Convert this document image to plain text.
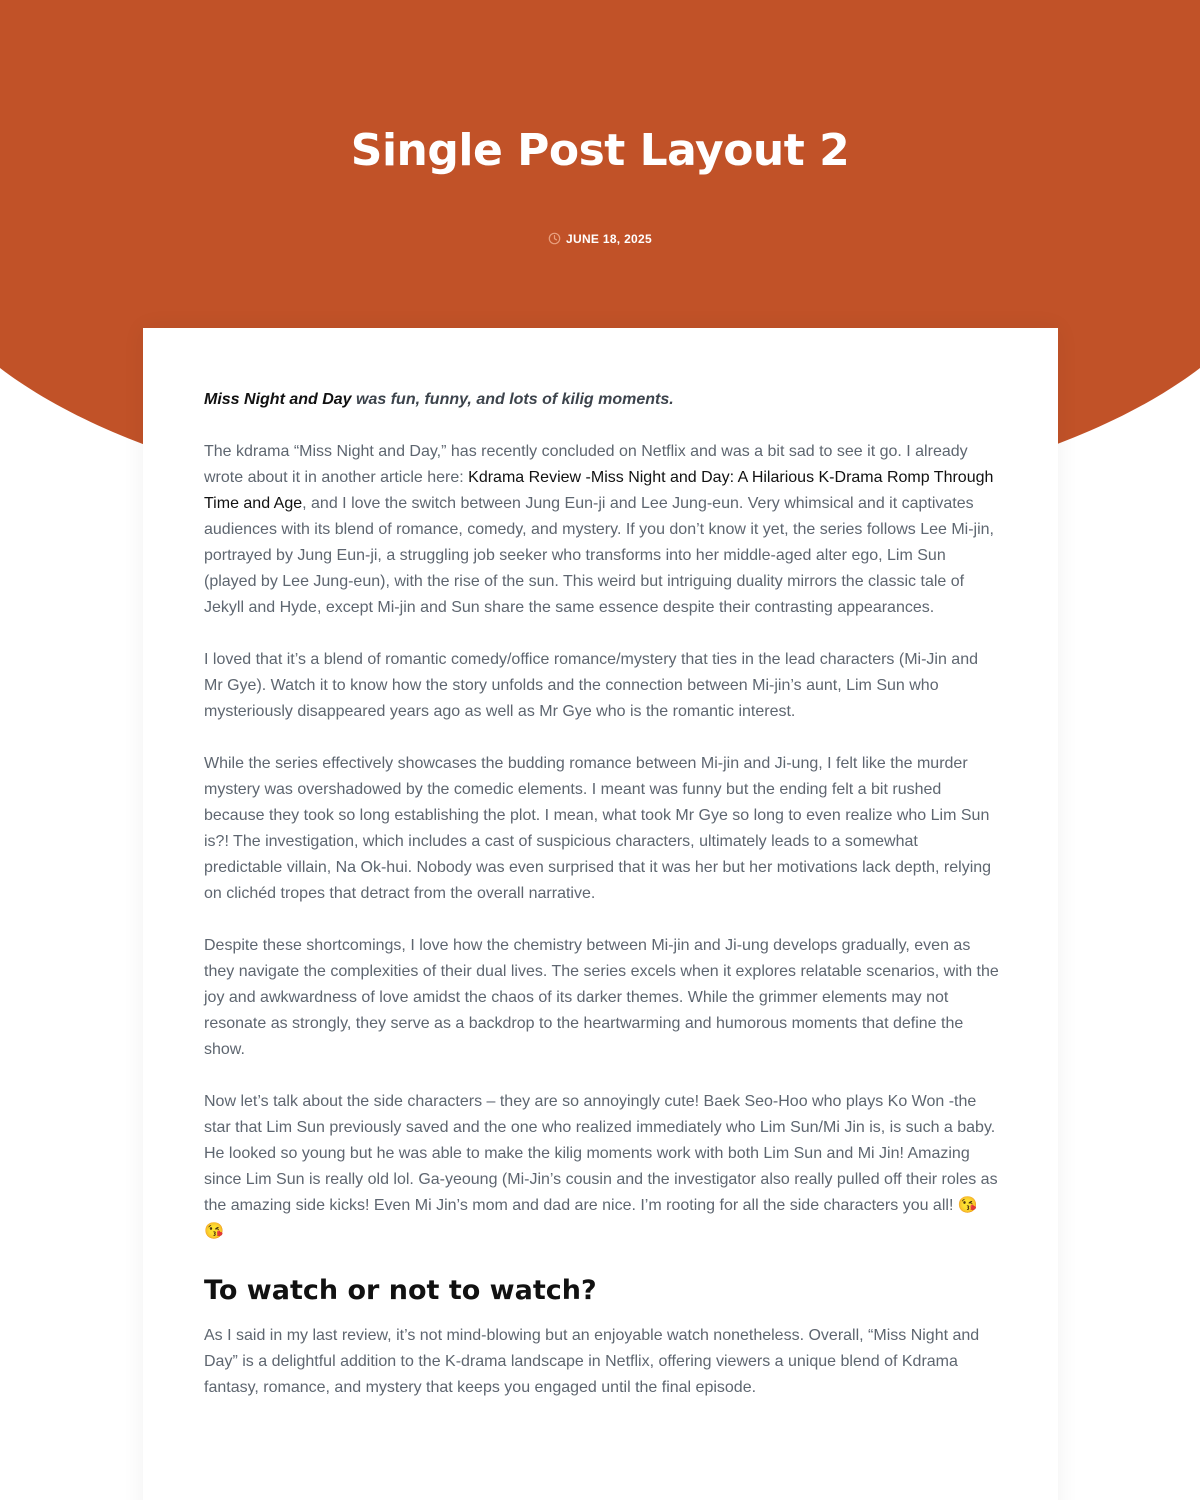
Single Post Layout 2
JUNE 18, 2025

Miss Night and Day was fun, funny, and lots of kilig moments.

The kdrama “Miss Night and Day,” has recently concluded on Netflix and was a bit sad to see it go. I already wrote about it in another article here: Kdrama Review -Miss Night and Day: A Hilarious K-Drama Romp Through Time and Age, and I love the switch between Jung Eun-ji and Lee Jung-eun. Very whimsical and it captivates audiences with its blend of romance, comedy, and mystery. If you don’t know it yet, the series follows Lee Mi-jin, portrayed by Jung Eun-ji, a struggling job seeker who transforms into her middle-aged alter ego, Lim Sun (played by Lee Jung-eun), with the rise of the sun. This weird but intriguing duality mirrors the classic tale of Jekyll and Hyde, except Mi-jin and Sun share the same essence despite their contrasting appearances.

I loved that it’s a blend of romantic comedy/office romance/mystery that ties in the lead characters (Mi-Jin and Mr Gye). Watch it to know how the story unfolds and the connection between Mi-jin’s aunt, Lim Sun who mysteriously disappeared years ago as well as Mr Gye who is the romantic interest.

While the series effectively showcases the budding romance between Mi-jin and Ji-ung, I felt like the murder mystery was overshadowed by the comedic elements. I meant was funny but the ending felt a bit rushed because they took so long establishing the plot. I mean, what took Mr Gye so long to even realize who Lim Sun is?! The investigation, which includes a cast of suspicious characters, ultimately leads to a somewhat predictable villain, Na Ok-hui. Nobody was even surprised that it was her but her motivations lack depth, relying on clichéd tropes that detract from the overall narrative.

Despite these shortcomings, I love how the chemistry between Mi-jin and Ji-ung develops gradually, even as they navigate the complexities of their dual lives. The series excels when it explores relatable scenarios, with the joy and awkwardness of love amidst the chaos of its darker themes. While the grimmer elements may not resonate as strongly, they serve as a backdrop to the heartwarming and humorous moments that define the show.

Now let’s talk about the side characters – they are so annoyingly cute! Baek Seo-Hoo who plays Ko Won -the star that Lim Sun previously saved and the one who realized immediately who Lim Sun/Mi Jin is, is such a baby. He looked so young but he was able to make the kilig moments work with both Lim Sun and Mi Jin! Amazing since Lim Sun is really old lol. Ga-yeoung (Mi-Jin’s cousin and the investigator also really pulled off their roles as the amazing side kicks! Even Mi Jin’s mom and dad are nice. I’m rooting for all the side characters you all! 😘 😘

To watch or not to watch?

As I said in my last review, it’s not mind-blowing but an enjoyable watch nonetheless. Overall, “Miss Night and Day” is a delightful addition to the K-drama landscape in Netflix, offering viewers a unique blend of Kdrama fantasy, romance, and mystery that keeps you engaged until the final episode.
